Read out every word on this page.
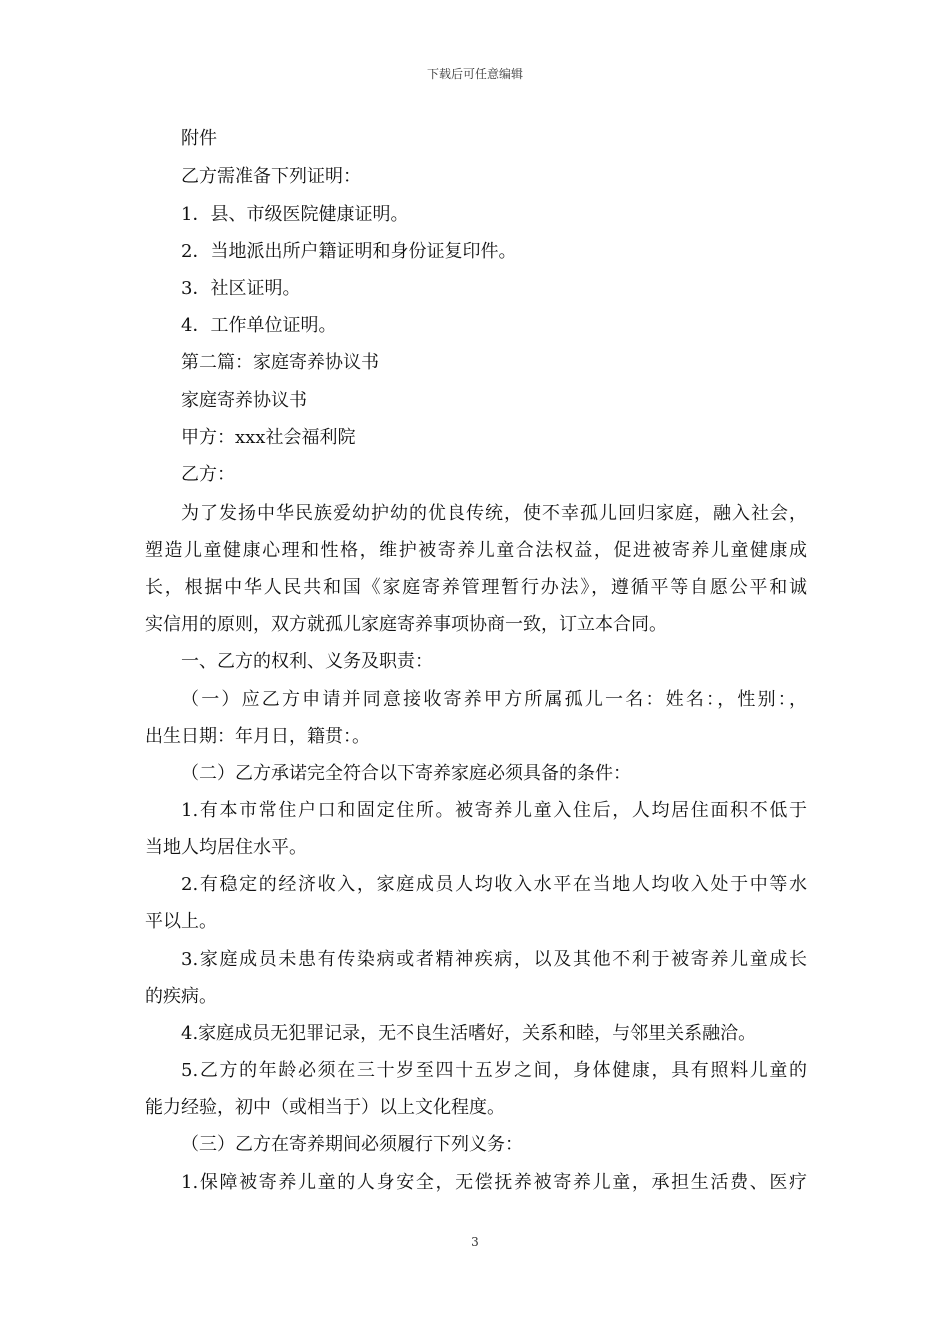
下载后可任意编辑
附件
乙方需准备下列证明：
1．县、市级医院健康证明。
2．当地派出所户籍证明和身份证复印件。
3．社区证明。
4．工作单位证明。
第二篇：家庭寄养协议书
家庭寄养协议书
甲方：xxx社会福利院
乙方：
为了发扬中华民族爱幼护幼的优良传统，使不幸孤儿回归家庭，融入社会，
塑造儿童健康心理和性格，维护被寄养儿童合法权益，促进被寄养儿童健康成
长，根据中华人民共和国《家庭寄养管理暂行办法》，遵循平等自愿公平和诚
实信用的原则，双方就孤儿家庭寄养事项协商一致，订立本合同。
一、乙方的权利、义务及职责：
（一）应乙方申请并同意接收寄养甲方所属孤儿一名：姓名：，性别：，
出生日期：年月日，籍贯：。
（二）乙方承诺完全符合以下寄养家庭必须具备的条件：
1.有本市常住户口和固定住所。被寄养儿童入住后，人均居住面积不低于
当地人均居住水平。
2.有稳定的经济收入，家庭成员人均收入水平在当地人均收入处于中等水
平以上。
3.家庭成员未患有传染病或者精神疾病，以及其他不利于被寄养儿童成长
的疾病。
4.家庭成员无犯罪记录，无不良生活嗜好，关系和睦，与邻里关系融洽。
5.乙方的年龄必须在三十岁至四十五岁之间，身体健康，具有照料儿童的
能力经验，初中（或相当于）以上文化程度。
（三）乙方在寄养期间必须履行下列义务：
1.保障被寄养儿童的人身安全，无偿抚养被寄养儿童，承担生活费、医疗
3
